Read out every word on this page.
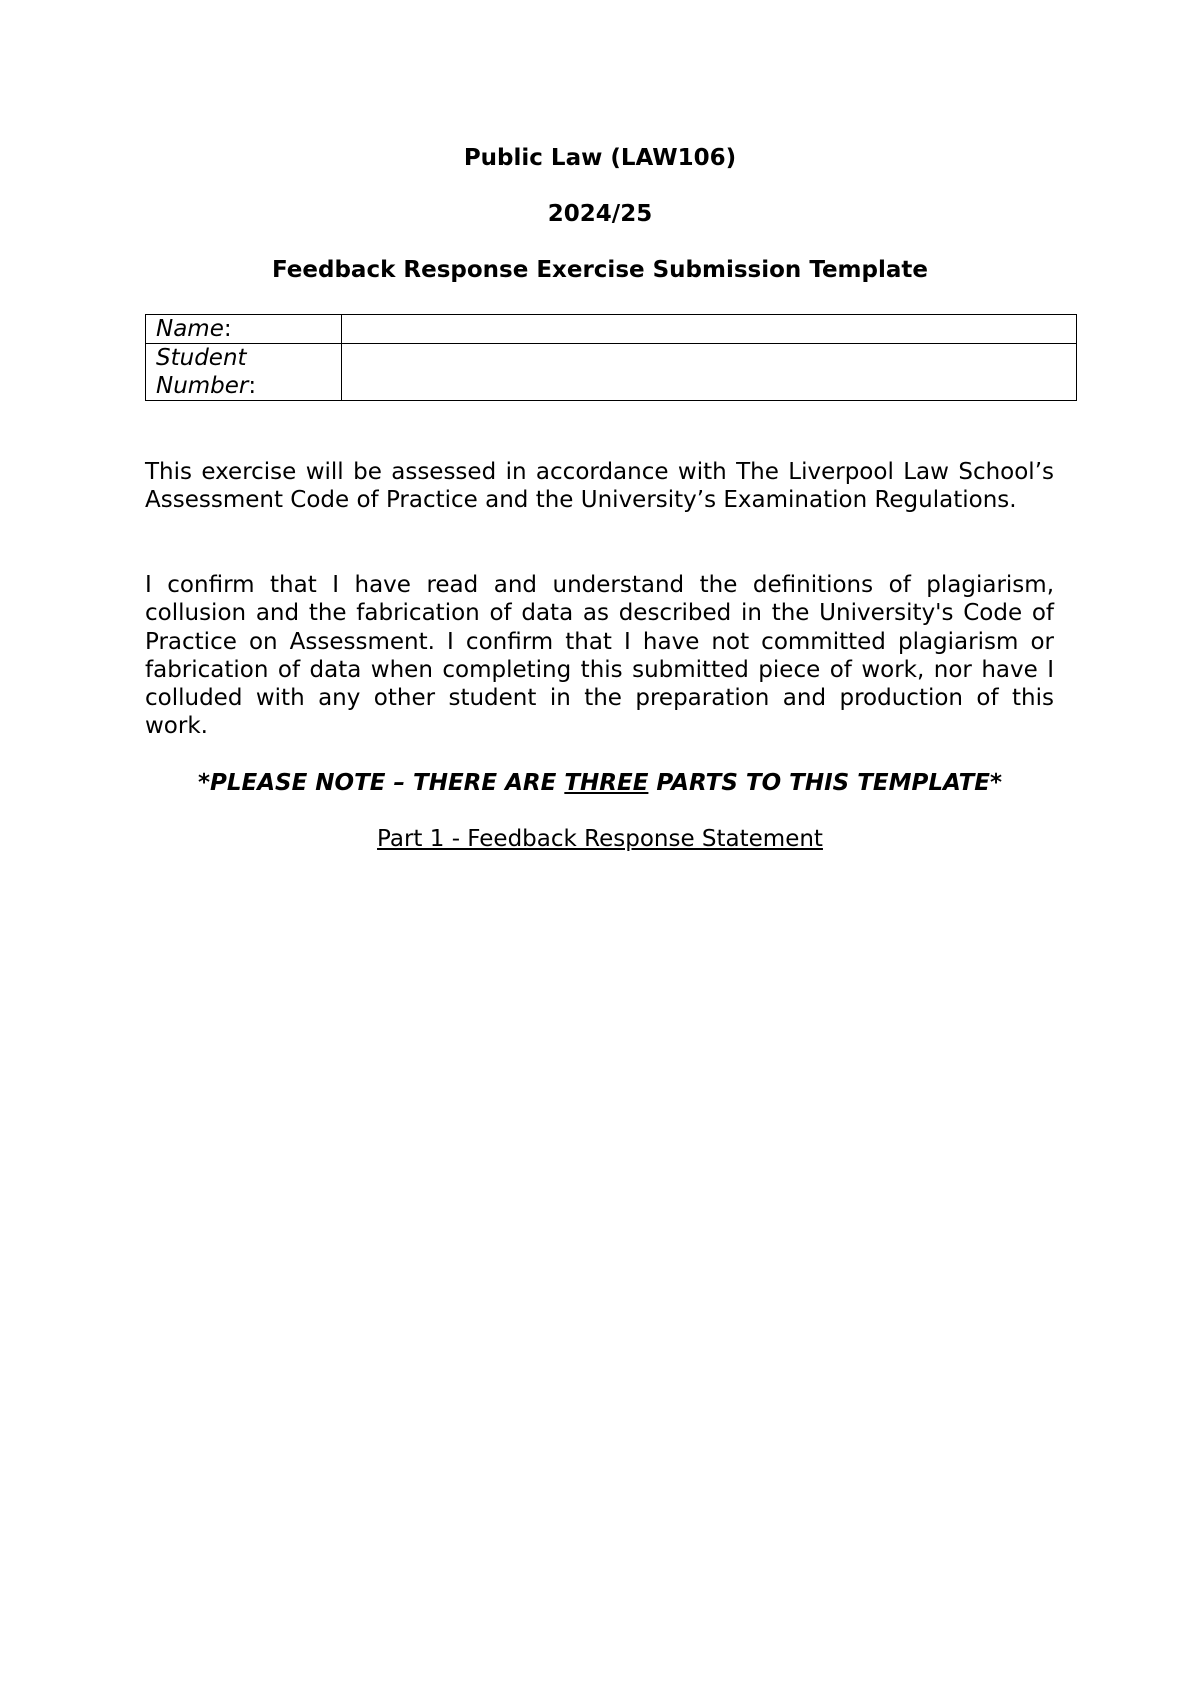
Public Law (LAW106)
2024/25
Feedback Response Exercise Submission Template
Name:	
Student Number:	

This exercise will be assessed in accordance with The Liverpool Law School’s Assessment Code of Practice and the University’s Examination Regulations.

I confirm that I have read and understand the definitions of plagiarism, collusion and the fabrication of data as described in the University's Code of Practice on Assessment. I confirm that I have not committed plagiarism or fabrication of data when completing this submitted piece of work, nor have I colluded with any other student in the preparation and production of this work.

*PLEASE NOTE – THERE ARE THREE PARTS TO THIS TEMPLATE*
Part 1 - Feedback Response Statement
